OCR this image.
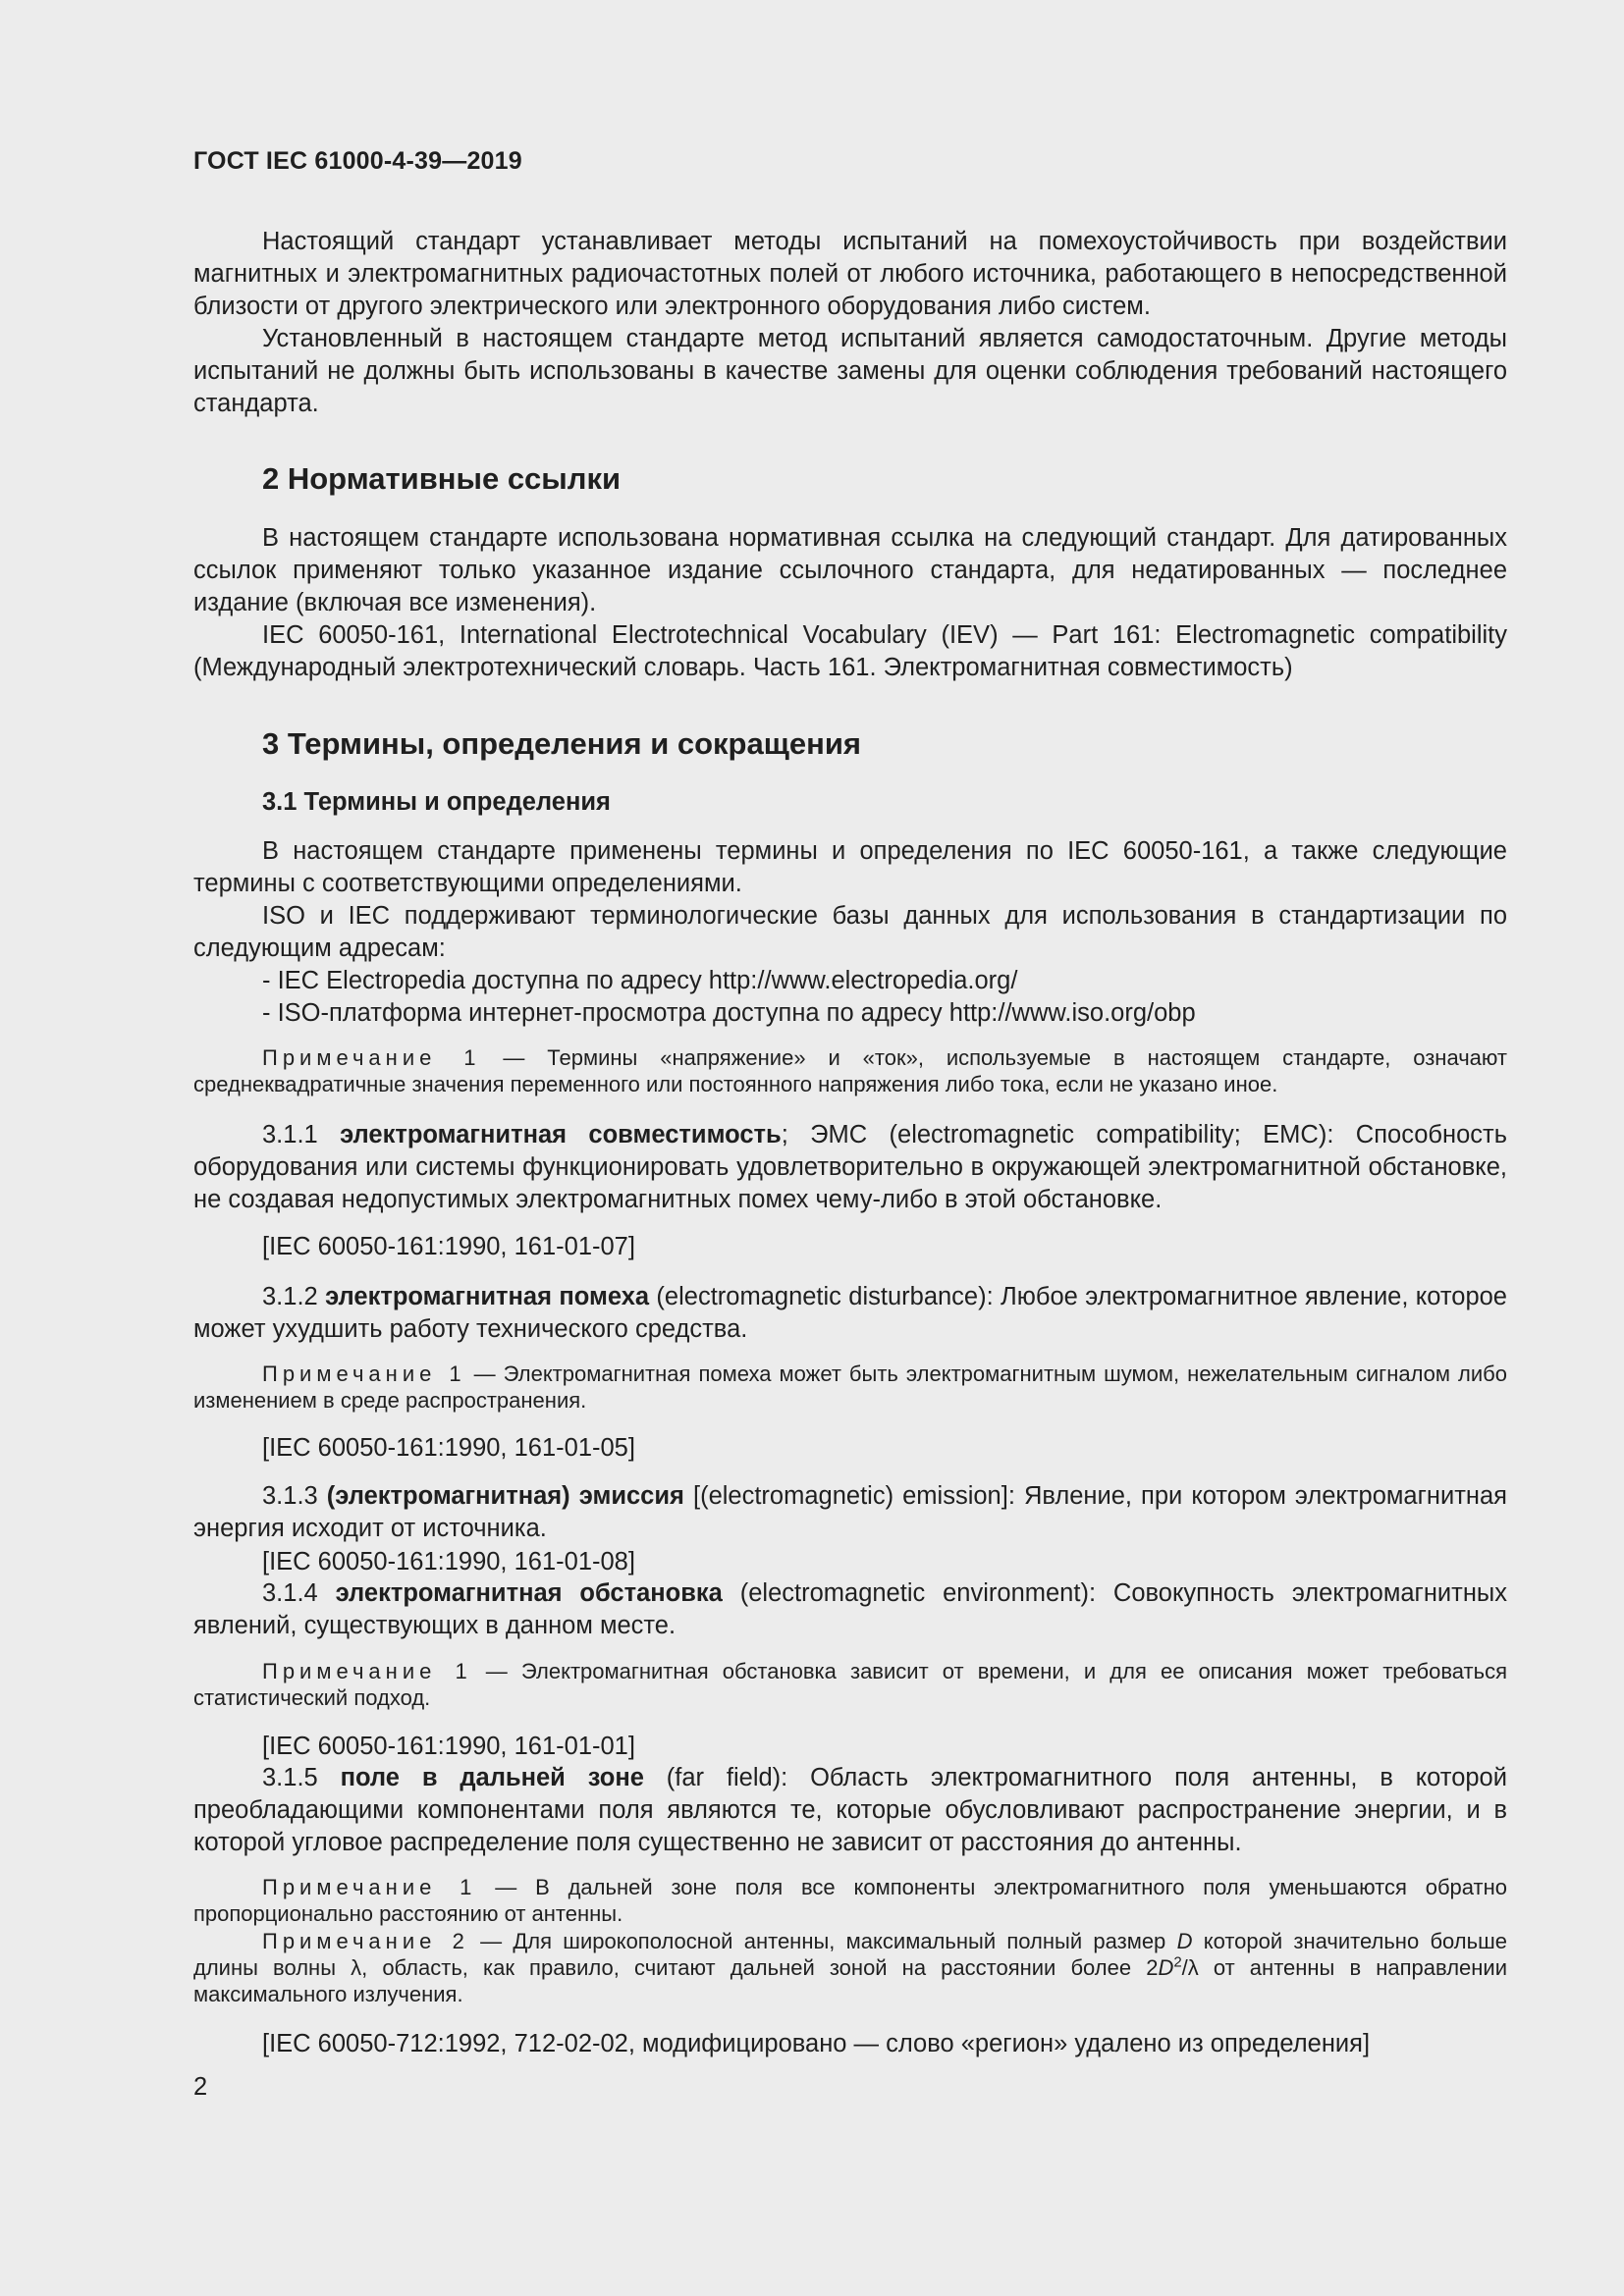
ГОСТ IEC 61000-4-39—2019
Настоящий стандарт устанавливает методы испытаний на помехоустойчивость при воздействии магнитных и электромагнитных радиочастотных полей от любого источника, работающего в непосредственной близости от другого электрического или электронного оборудования либо систем.
Установленный в настоящем стандарте метод испытаний является самодостаточным. Другие методы испытаний не должны быть использованы в качестве замены для оценки соблюдения требований настоящего стандарта.
2 Нормативные ссылки
В настоящем стандарте использована нормативная ссылка на следующий стандарт. Для датированных ссылок применяют только указанное издание ссылочного стандарта, для недатированных — последнее издание (включая все изменения).
IEC 60050-161, International Electrotechnical Vocabulary (IEV) — Part 161: Electromagnetic compatibility (Международный электротехнический словарь. Часть 161. Электромагнитная совместимость)
3 Термины, определения и сокращения
3.1 Термины и определения
В настоящем стандарте применены термины и определения по IEC 60050-161, а также следующие термины с соответствующими определениями.
ISO и IEC поддерживают терминологические базы данных для использования в стандартизации по следующим адресам:
- IEC Electropedia доступна по адресу http://www.electropedia.org/
- ISO-платформа интернет-просмотра доступна по адресу http://www.iso.org/obp
Примечание 1 — Термины «напряжение» и «ток», используемые в настоящем стандарте, означают среднеквадратичные значения переменного или постоянного напряжения либо тока, если не указано иное.
3.1.1 электромагнитная совместимость; ЭМС (electromagnetic compatibility; EMC): Способность оборудования или системы функционировать удовлетворительно в окружающей электромагнитной обстановке, не создавая недопустимых электромагнитных помех чему-либо в этой обстановке.
[IEC 60050-161:1990, 161-01-07]
3.1.2 электромагнитная помеха (electromagnetic disturbance): Любое электромагнитное явление, которое может ухудшить работу технического средства.
Примечание 1 — Электромагнитная помеха может быть электромагнитным шумом, нежелательным сигналом либо изменением в среде распространения.
[IEC 60050-161:1990, 161-01-05]
3.1.3 (электромагнитная) эмиссия [(electromagnetic) emission]: Явление, при котором электромагнитная энергия исходит от источника.
[IEC 60050-161:1990, 161-01-08]
3.1.4 электромагнитная обстановка (electromagnetic environment): Совокупность электромагнитных явлений, существующих в данном месте.
Примечание 1 — Электромагнитная обстановка зависит от времени, и для ее описания может требоваться статистический подход.
[IEC 60050-161:1990, 161-01-01]
3.1.5 поле в дальней зоне (far field): Область электромагнитного поля антенны, в которой преобладающими компонентами поля являются те, которые обусловливают распространение энергии, и в которой угловое распределение поля существенно не зависит от расстояния до антенны.
Примечание 1 — В дальней зоне поля все компоненты электромагнитного поля уменьшаются обратно пропорционально расстоянию от антенны.
Примечание 2 — Для широкополосной антенны, максимальный полный размер D которой значительно больше длины волны λ, область, как правило, считают дальней зоной на расстоянии более $2D^2/\lambda$ от антенны в направлении максимального излучения.
[IEC 60050-712:1992, 712-02-02, модифицировано — слово «регион» удалено из определения]
2
